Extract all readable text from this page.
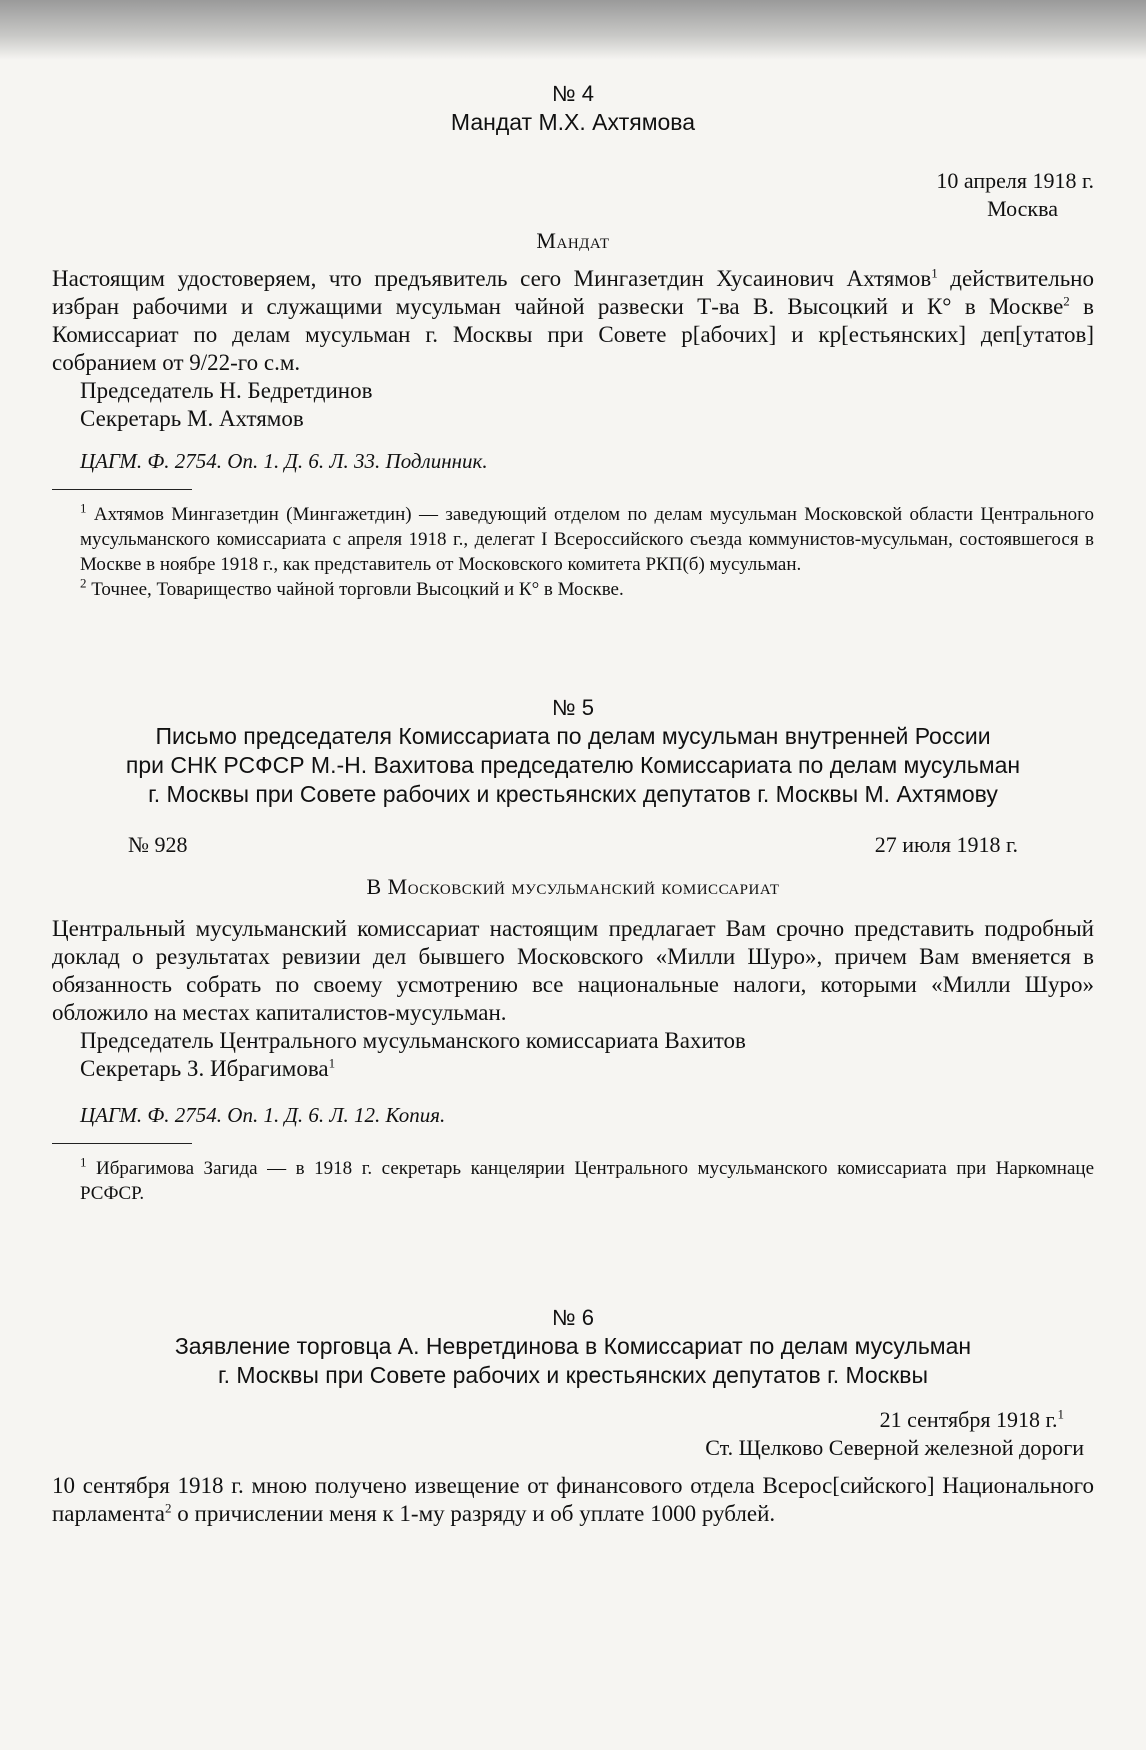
№ 4

Мандат М.Х. Ахтямова

10 апреля 1918 г.

Москва

Мандат

Настоящим удостоверяем, что предъявитель сего Мингазетдин Хусаинович Ахтямов$^1$ действительно избран рабочими и служащими мусульман чайной развески Т-ва В. Высоцкий и К° в Москве$^2$ в Комиссариат по делам мусульман г. Москвы при Совете р[абочих] и кр[естьянских] деп[утатов] собранием от 9/22-го с.м.

Председатель Н. Бедретдинов

Секретарь М. Ахтямов

ЦАГМ. Ф. 2754. Оп. 1. Д. 6. Л. 33. Подлинник.

$^1$ Ахтямов Мингазетдин (Мингажетдин) — заведующий отделом по делам мусульман Московской области Центрального мусульманского комиссариата с апреля 1918 г., делегат I Всероссийского съезда коммунистов-мусульман, состоявшегося в Москве в ноябре 1918 г., как представитель от Московского комитета РКП(б) мусульман.

$^2$ Точнее, Товарищество чайной торговли Высоцкий и К° в Москве.

№ 5

Письмо председателя Комиссариата по делам мусульман внутренней России

при СНК РСФСР М.-Н. Вахитова председателю Комиссариата по делам мусульман

г. Москвы при Совете рабочих и крестьянских депутатов г. Москвы М. Ахтямову

№ 928	27 июля 1918 г.

В Московский мусульманский комиссариат

Центральный мусульманский комиссариат настоящим предлагает Вам срочно представить подробный доклад о результатах ревизии дел бывшего Московского «Милли Шуро», причем Вам вменяется в обязанность собрать по своему усмотрению все национальные налоги, которыми «Милли Шуро» обложило на местах капиталистов-мусульман.

Председатель Центрального мусульманского комиссариата Вахитов

Секретарь З. Ибрагимова$^1$

ЦАГМ. Ф. 2754. Оп. 1. Д. 6. Л. 12. Копия.

$^1$ Ибрагимова Загида — в 1918 г. секретарь канцелярии Центрального мусульманского комиссариата при Наркомнаце РСФСР.

№ 6

Заявление торговца А. Невретдинова в Комиссариат по делам мусульман

г. Москвы при Совете рабочих и крестьянских депутатов г. Москвы

21 сентября 1918 г.$^1$

Ст. Щелково Северной железной дороги

10 сентября 1918 г. мною получено извещение от финансового отдела Всерос[сийского] Национального парламента$^2$ о причислении меня к 1-му разряду и об уплате 1000 рублей.
